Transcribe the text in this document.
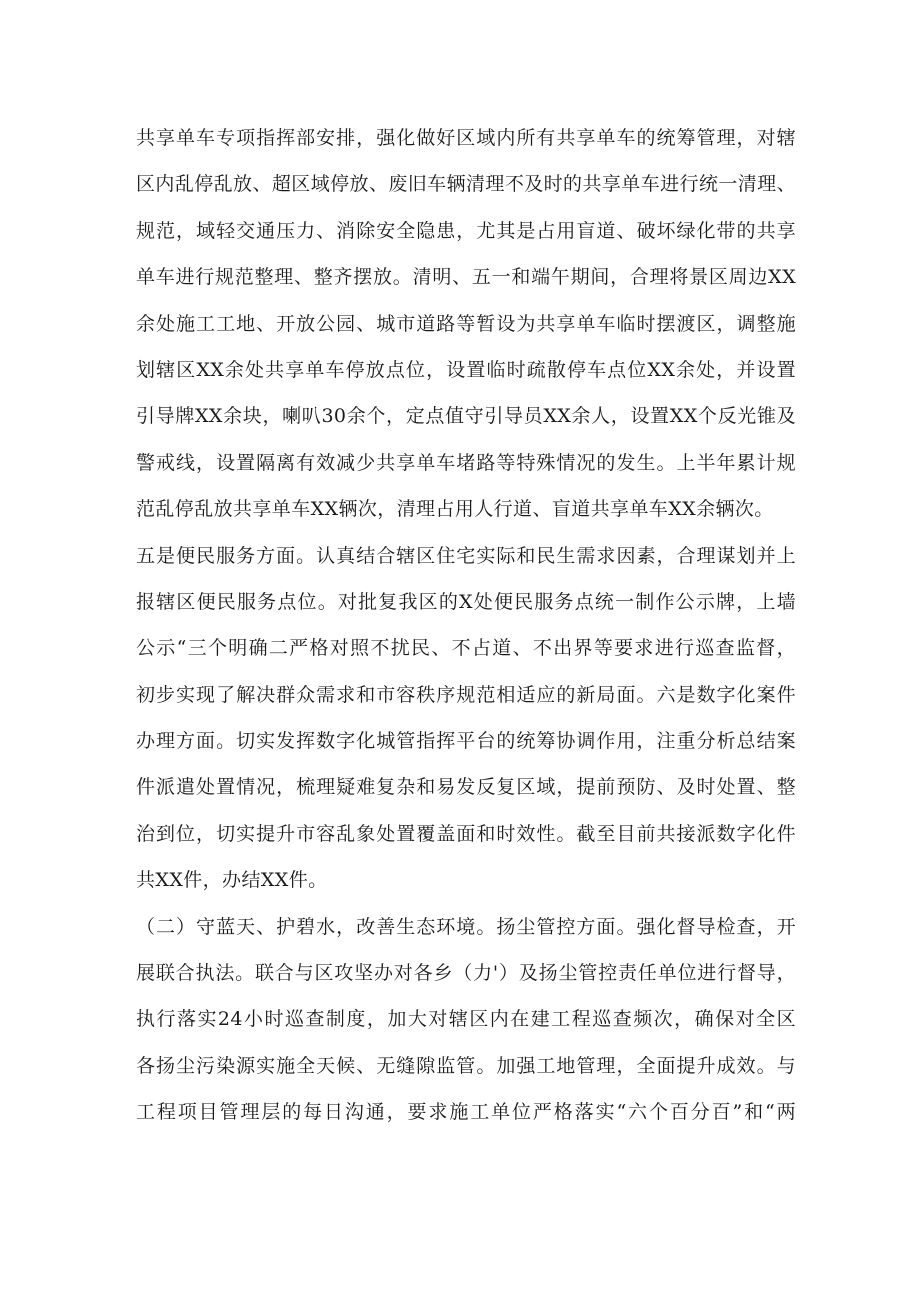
共享单车专项指挥部安排，强化做好区域内所有共享单车的统筹管理，对辖
区内乱停乱放、超区域停放、废旧车辆清理不及时的共享单车进行统一清理、
规范，域轻交通压力、消除安全隐患，尤其是占用盲道、破坏绿化带的共享
单车进行规范整理、整齐摆放。清明、五一和端午期间，合理将景区周边XX
余处施工工地、开放公园、城市道路等暂设为共享单车临时摆渡区，调整施
划辖区XX余处共享单车停放点位，设置临时疏散停车点位XX余处，并设置
引导牌XX余块，喇叭30余个，定点值守引导员XX余人，设置XX个反光锥及
警戒线，设置隔离有效减少共享单车堵路等特殊情况的发生。上半年累计规
范乱停乱放共享单车XX辆次，清理占用人行道、盲道共享单车XX余辆次。
五是便民服务方面。认真结合辖区住宅实际和民生需求因素，合理谋划并上
报辖区便民服务点位。对批复我区的X处便民服务点统一制作公示牌，上墙
公示“三个明确二严格对照不扰民、不占道、不出界等要求进行巡查监督，
初步实现了解决群众需求和市容秩序规范相适应的新局面。六是数字化案件
办理方面。切实发挥数字化城管指挥平台的统筹协调作用，注重分析总结案
件派遣处置情况，梳理疑难复杂和易发反复区域，提前预防、及时处置、整
治到位，切实提升市容乱象处置覆盖面和时效性。截至目前共接派数字化件
共XX件，办结XX件。
（二）守蓝天、护碧水，改善生态环境。扬尘管控方面。强化督导检查，开
展联合执法。联合与区攻坚办对各乡（力'）及扬尘管控责任单位进行督导，
执行落实24小时巡查制度，加大对辖区内在建工程巡查频次，确保对全区
各扬尘污染源实施全天候、无缝隙监管。加强工地管理，全面提升成效。与
工程项目管理层的每日沟通，要求施工单位严格落实“六个百分百”和“两
